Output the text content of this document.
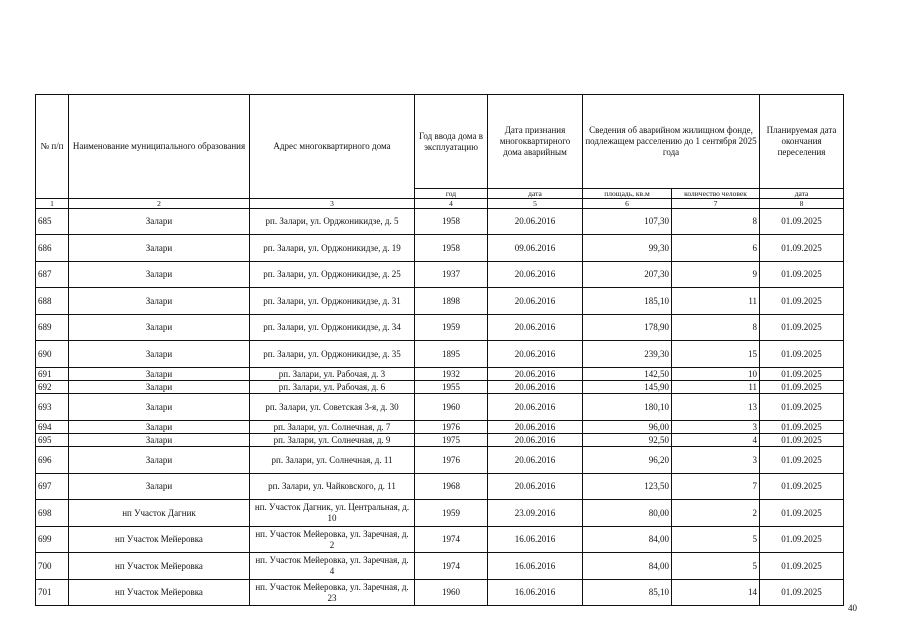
№ п/п	Наименование муниципального образования	Адрес многоквартирного дома	Год ввода дома в эксплуатацию	Дата признания многоквартирного дома аварийным	Сведения об аварийном жилищном фонде, подлежащем расселению до 1 сентября 2025 года		Планируемая дата окончания переселения
			год	дата	площадь, кв.м	количество человек	дата
1	2	3	4	5	6	7	8
685	Залари	рп. Залари, ул. Орджоникидзе, д. 5	1958	20.06.2016	107,30	8	01.09.2025
686	Залари	рп. Залари, ул. Орджоникидзе, д. 19	1958	09.06.2016	99,30	6	01.09.2025
687	Залари	рп. Залари, ул. Орджоникидзе, д. 25	1937	20.06.2016	207,30	9	01.09.2025
688	Залари	рп. Залари, ул. Орджоникидзе, д. 31	1898	20.06.2016	185,10	11	01.09.2025
689	Залари	рп. Залари, ул. Орджоникидзе, д. 34	1959	20.06.2016	178,90	8	01.09.2025
690	Залари	рп. Залари, ул. Орджоникидзе, д. 35	1895	20.06.2016	239,30	15	01.09.2025
691	Залари	рп. Залари, ул. Рабочая, д. 3	1932	20.06.2016	142,50	10	01.09.2025
692	Залари	рп. Залари, ул. Рабочая, д. 6	1955	20.06.2016	145,90	11	01.09.2025
693	Залари	рп. Залари, ул. Советская 3-я, д. 30	1960	20.06.2016	180,10	13	01.09.2025
694	Залари	рп. Залари, ул. Солнечная, д. 7	1976	20.06.2016	96,00	3	01.09.2025
695	Залари	рп. Залари, ул. Солнечная, д. 9	1975	20.06.2016	92,50	4	01.09.2025
696	Залари	рп. Залари, ул. Солнечная, д. 11	1976	20.06.2016	96,20	3	01.09.2025
697	Залари	рп. Залари, ул. Чайковского, д. 11	1968	20.06.2016	123,50	7	01.09.2025
698	нп Участок Дагник	нп. Участок Дагник, ул. Центральная, д. 10	1959	23.09.2016	80,00	2	01.09.2025
699	нп Участок Мейеровка	нп. Участок Мейеровка, ул. Заречная, д. 2	1974	16.06.2016	84,00	5	01.09.2025
700	нп Участок Мейеровка	нп. Участок Мейеровка, ул. Заречная, д. 4	1974	16.06.2016	84,00	5	01.09.2025
701	нп Участок Мейеровка	нп. Участок Мейеровка, ул. Заречная, д. 23	1960	16.06.2016	85,10	14	01.09.2025
40
